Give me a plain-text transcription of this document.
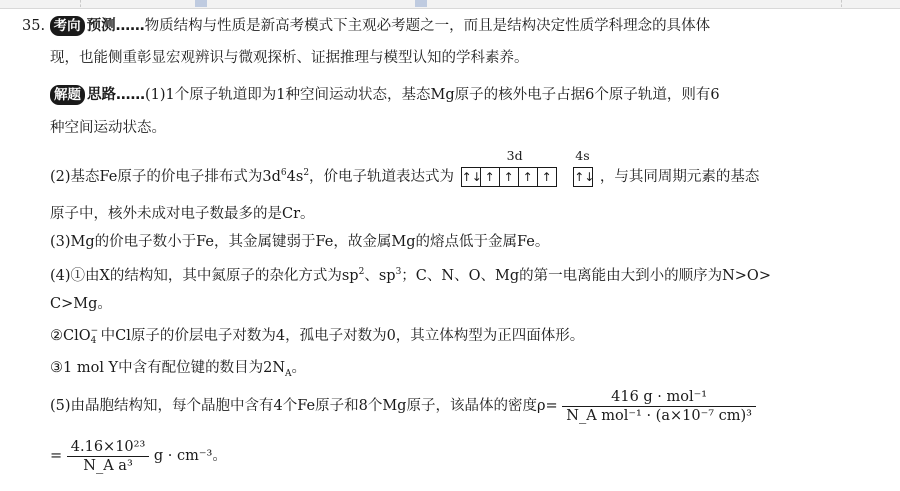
35. 考向 预测……物质结构与性质是新高考模式下主观必考题之一，而且是结构决定性质学科理念的具体体
现，也能侧重彰显宏观辨识与微观探析、证据推理与模型认知的学科素养。
解题 思路……(1)1个原子轨道即为1种空间运动状态，基态Mg原子的核外电子占据6个原子轨道，则有6
种空间运动状态。
(2)基态Fe原子的价电子排布式为$3d^64s^2$，价电子轨道表达式为
3d
↑↓ ↑ ↑ ↑ ↑

4s
↑↓ ，与其同周期元素的基态
原子中，核外未成对电子数最多的是Cr。
(3)Mg的价电子数小于Fe，其金属键弱于Fe，故金属Mg的熔点低于金属Fe。
(4)①由X的结构知，其中氮原子的杂化方式为$sp^2$、$sp^3$；C、N、O、Mg的第一电离能由大到小的顺序为N>O>
C>Mg。
②ClO −
4 中Cl原子的价层电子对数为4，孤电子对数为0，其立体构型为正四面体形。
③1 mol Y中含有配位键的数目为$2N_A$。
(5)由晶胞结构知，每个晶胞中含有4个Fe原子和8个Mg原子，该晶体的密度$\rho= \frac{\text{416 g · mol⁻¹}}{\text{N\_A mol⁻¹ · (a×10⁻⁷ cm)³}}$
= $\frac{\text{4.16×10²³}}{\text{N\_A a³}}$ g · cm⁻³。
